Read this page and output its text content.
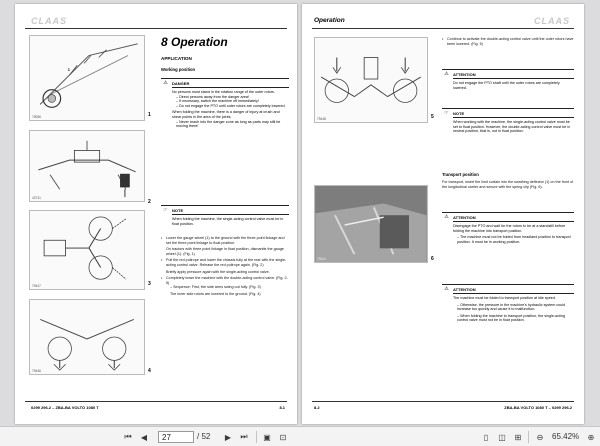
CLAAS
1
79086	1
43731
2
79447	3
79446	4
8 Operation
APPLICATION
Working position
⚠	DANGER
No persons must stand in the rotation range of the outer rotors.
– Direct persons away from the danger area!
– If necessary, switch the machine off immediately!
– Do not engage the PTO until outer rotors are completely lowered.
When folding the machine, there is a danger of injury at crush and shear points in the area of the joints.
– Never reach into the danger zone as long as parts may still be moving there!
☞	NOTE
When folding the machine, the single-acting control valve must be in float position.
• Lower the gauge wheel (1) to the ground with the three point linkage and set the three point linkage to float position.
On tractors with three point linkage in float position, dismantle the gauge wheel (1). (Fig. 1)
• Pull the red pullrope and lower the chassis fully at the rear with the single-acting control valve. Release the red pullrope again. (Fig. 2)
Briefly apply pressure again with the single-acting control valve.
• Completely lower the machine with the double-acting control valve. (Fig. 2-5)
– Sequence: First, the side arms swing out fully. (Fig. 3)
The inner side rotors are lowered to the ground. (Fig. 4)
0299 296.2 – ZBA-BA VOLTO 1080 T	8.1
Operation	CLAAS
79448	5
79441	6
• Continue to activate the double-acting control valve until the outer rotors have been lowered. (Fig. 5)
⚠	ATTENTION
Do not engage the PTO shaft until the outer rotors are completely lowered.
☞	NOTE
When working with the machine, the single-acting control valve must be set to float position. However, the double-acting control valve must be in neutral position, that is, not in float position.
Transport position
For transport, insert the limit curtain into the swathing deflector (1) on the front of the longitudinal carrier and secure with the spring clip (Fig. 6).
⚠	ATTENTION
Disengage the PTO and wait for the rotors to be at a standstill before folding the machine into transport position.
– The machine must not be folded from headland position to transport position. It must be in working position.
⚠	ATTENTION
The machine must be folded to transport position at idle speed.
– Otherwise, the pressure in the machine's hydraulic system could increase too quickly and cause it to malfunction.
– When folding the machine to transport position, the single-acting control valve must not be in float position.
8.2	ZBA-BA VOLTO 1080 T – 0299 296.2
⏮	◀
27	/ 52	▶	⏭	▣	⊡	▯	◫	⊞	⊖	65.42%	⊕
